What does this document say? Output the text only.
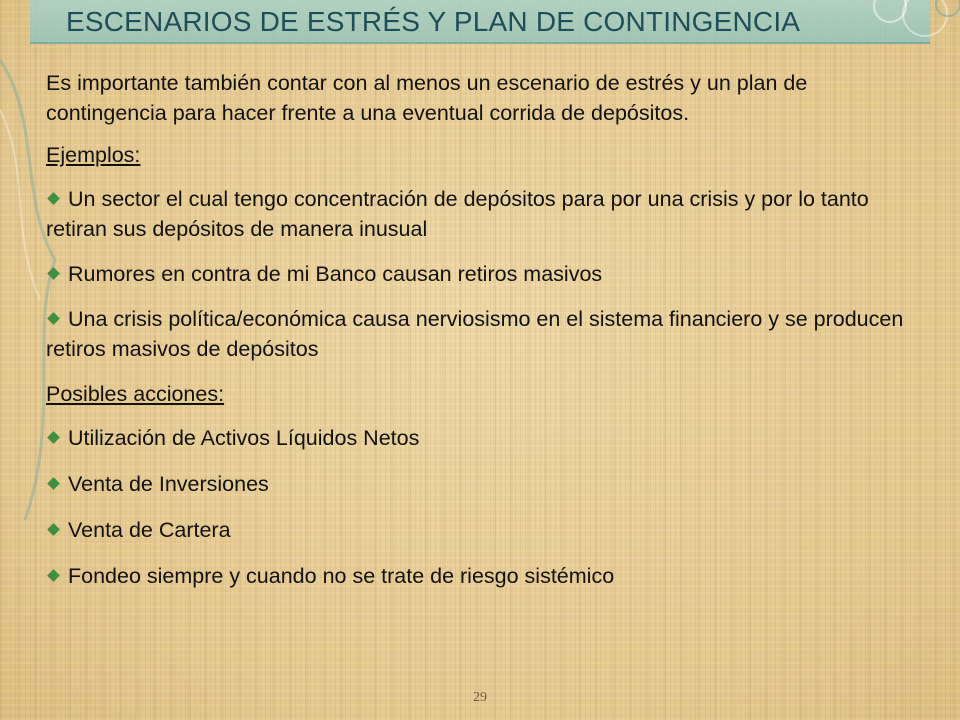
ESCENARIOS DE ESTRÉS Y PLAN DE CONTINGENCIA

Es importante también contar con al menos un escenario de estrés y un plan de contingencia para hacer frente a una eventual corrida de depósitos.

Ejemplos:

Un sector el cual tengo concentración de depósitos para por una crisis y por lo tanto retiran sus depósitos de manera inusual
Rumores en contra de mi Banco causan retiros masivos
Una crisis política/económica causa nerviosismo en el sistema financiero y se producen retiros masivos de depósitos

Posibles acciones:

Utilización de Activos Líquidos Netos
Venta de Inversiones
Venta de Cartera
Fondeo siempre y cuando no se trate de riesgo sistémico
29
